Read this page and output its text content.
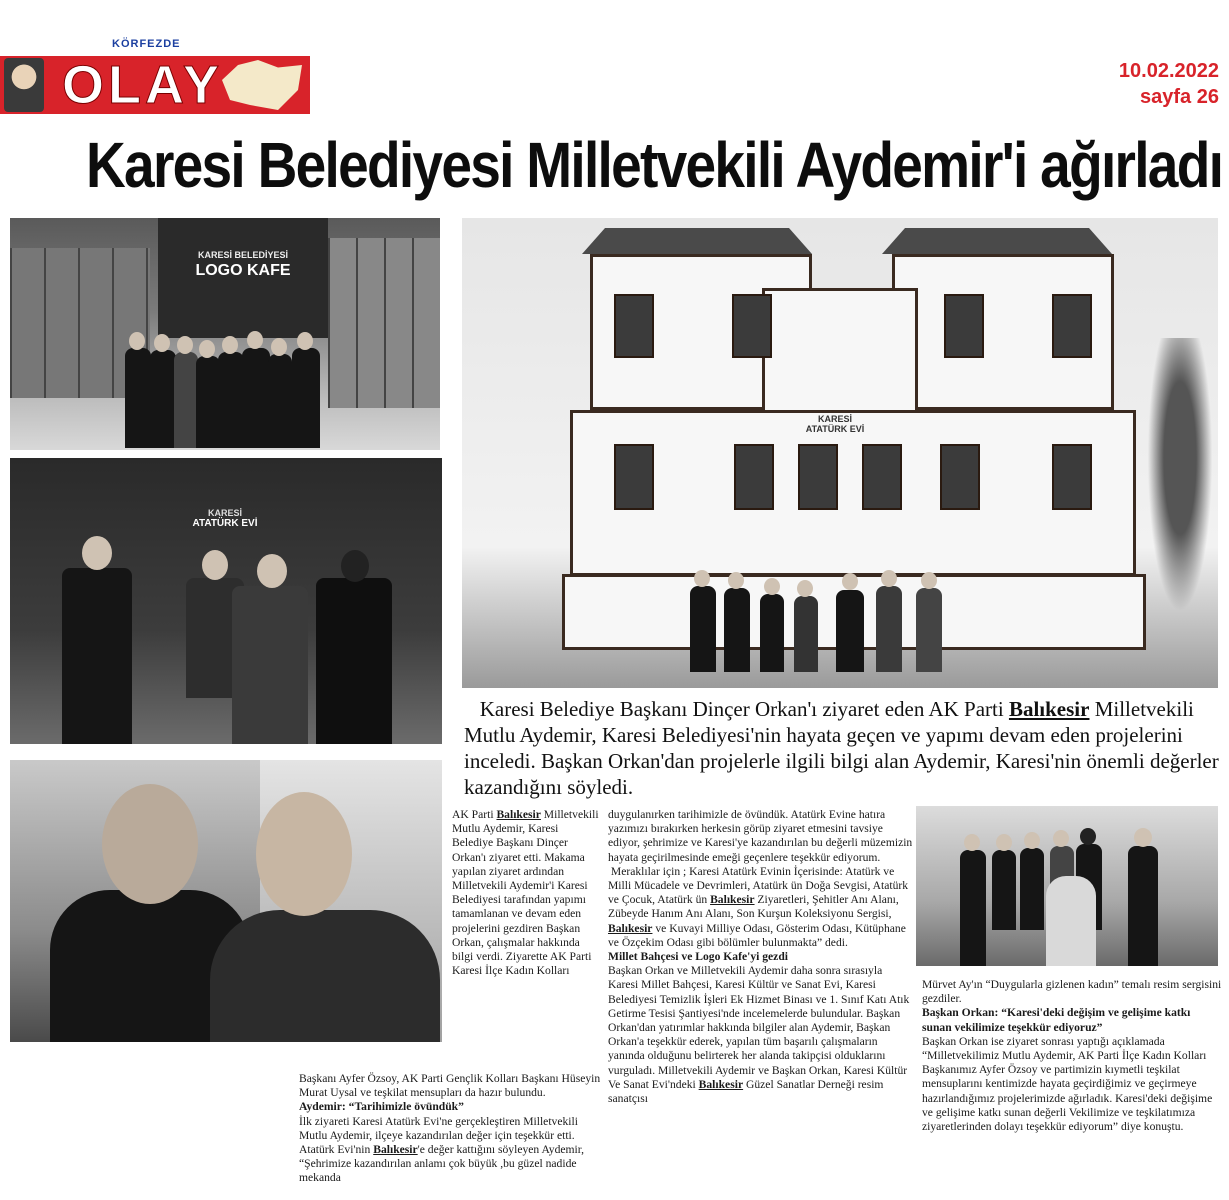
KÖRFEZDE
OLAY	10.02.2022
sayfa 26
Karesi Belediyesi Milletvekili Aydemir'i ağırladı
KARESİ BELEDİYESİ
LOGO KAFE
KARESİ
ATATÜRK EVİ
KARESİ
ATATÜRK EVİ

Karesi Belediye Başkanı Dinçer Orkan'ı ziyaret eden AK Parti Balıkesir Milletvekili Mutlu Aydemir, Karesi Belediyesi'nin hayata geçen ve yapımı devam eden projelerini inceledi. Başkan Orkan'dan projelerle ilgili bilgi alan Aydemir, Karesi'nin önemli değerler kazandığını söyledi.

AK Parti Balıkesir Milletvekili Mutlu Aydemir, Karesi Belediye Başkanı Dinçer Orkan'ı ziyaret etti. Makama yapılan ziyaret ardından Milletvekili Aydemir'i Karesi Belediyesi tarafından yapımı tamamlanan ve devam eden projelerini gezdiren Başkan Orkan, çalışmalar hakkında bilgi verdi. Ziyarette AK Parti Karesi İlçe Kadın Kolları

Başkanı Ayfer Özsoy, AK Parti Gençlik Kolları Başkanı Hüseyin Murat Uysal ve teşkilat mensupları da hazır bulundu.

Aydemir: “Tarihimizle övündük”

İlk ziyareti Karesi Atatürk Evi'ne gerçekleştiren Milletvekili Mutlu Aydemir, ilçeye kazandırılan değer için teşekkür etti. Atatürk Evi'nin Balıkesir'e değer kattığını söyleyen Aydemir, “Şehrimize kazandırılan anlamı çok büyük ,bu güzel nadide mekanda

duygulanırken tarihimizle de övündük. Atatürk Evine hatıra yazımızı bırakırken herkesin görüp ziyaret etmesini tavsiye ediyor, şehrimize ve Karesi'ye kazandırılan bu değerli müzemizin hayata geçirilmesinde emeği geçenlere teşekkür ediyorum.

Meraklılar için ; Karesi Atatürk Evinin İçerisinde: Atatürk ve Milli Mücadele ve Devrimleri, Atatürk ün Doğa Sevgisi, Atatürk ve Çocuk, Atatürk ün Balıkesir Ziyaretleri, Şehitler Anı Alanı, Zübeyde Hanım Anı Alanı, Son Kurşun Koleksiyonu Sergisi, Balıkesir ve Kuvayi Milliye Odası, Gösterim Odası, Kütüphane ve Özçekim Odası gibi bölümler bulunmakta” dedi.

Millet Bahçesi ve Logo Kafe'yi gezdi

Başkan Orkan ve Milletvekili Aydemir daha sonra sırasıyla Karesi Millet Bahçesi, Karesi Kültür ve Sanat Evi, Karesi Belediyesi Temizlik İşleri Ek Hizmet Binası ve 1. Sınıf Katı Atık Getirme Tesisi Şantiyesi'nde incelemelerde bulundular. Başkan Orkan'dan yatırımlar hakkında bilgiler alan Aydemir, Başkan Orkan'a teşekkür ederek, yapılan tüm başarılı çalışmaların yanında olduğunu belirterek her alanda takipçisi olduklarını vurguladı. Milletvekili Aydemir ve Başkan Orkan, Karesi Kültür Ve Sanat Evi'ndeki Balıkesir Güzel Sanatlar Derneği resim sanatçısı

Mürvet Ay'ın “Duygularla gizlenen kadın” temalı resim sergisini gezdiler.

Başkan Orkan: “Karesi'deki değişim ve gelişime katkı sunan vekilimize teşekkür ediyoruz”

Başkan Orkan ise ziyaret sonrası yaptığı açıklamada “Milletvekilimiz Mutlu Aydemir, AK Parti İlçe Kadın Kolları Başkanımız Ayfer Özsoy ve partimizin kıymetli teşkilat mensuplarını kentimizde hayata geçirdiğimiz ve geçirmeye hazırlandığımız projelerimizde ağırladık. Karesi'deki değişime ve gelişime katkı sunan değerli Vekilimize ve teşkilatımıza ziyaretlerinden dolayı teşekkür ediyorum” diye konuştu.
